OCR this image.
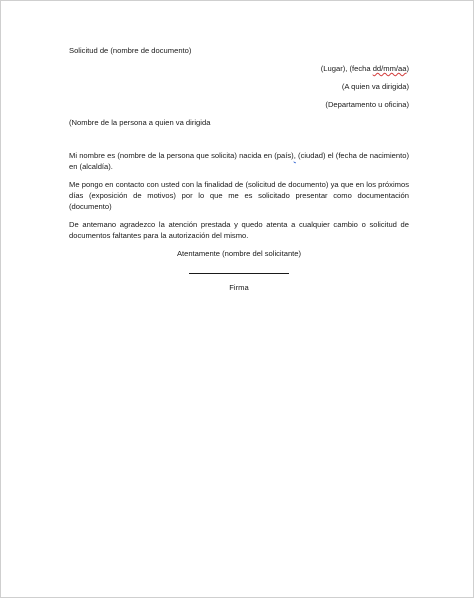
Solicitud de (nombre de documento)
(Lugar), (fecha dd/mm/aa)
(A quien va dirigida)
(Departamento u oficina)
(Nombre de la persona a quien va dirigida
Mi nombre es (nombre de la persona que solicita) nacida en (país), (ciudad) el (fecha de nacimiento) en (alcaldía).
Me pongo en contacto con usted con la finalidad de (solicitud de documento) ya que en los próximos días (exposición de motivos) por lo que me es solicitado presentar como documentación (documento)
De antemano agradezco la atención prestada y quedo atenta a cualquier cambio o solicitud de documentos faltantes para la autorización del mismo.
Atentamente (nombre del solicitante)
Firma
